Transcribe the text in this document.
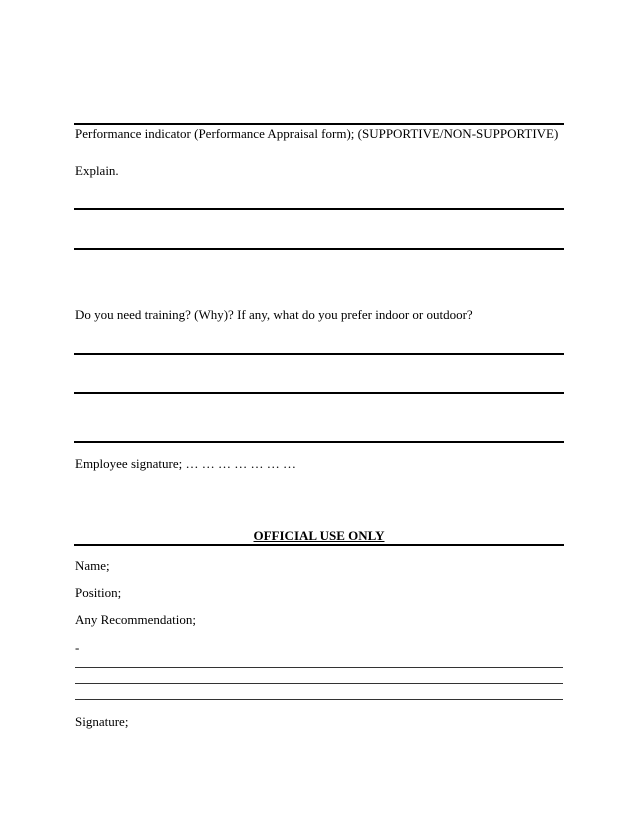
Performance indicator (Performance Appraisal form); (SUPPORTIVE/NON-SUPPORTIVE)
Explain.
Do you need training? (Why)? If any, what do you prefer indoor or outdoor?
Employee signature; … … … … … … …
OFFICIAL USE ONLY
Name;
Position;
Any Recommendation;
-
Signature;
